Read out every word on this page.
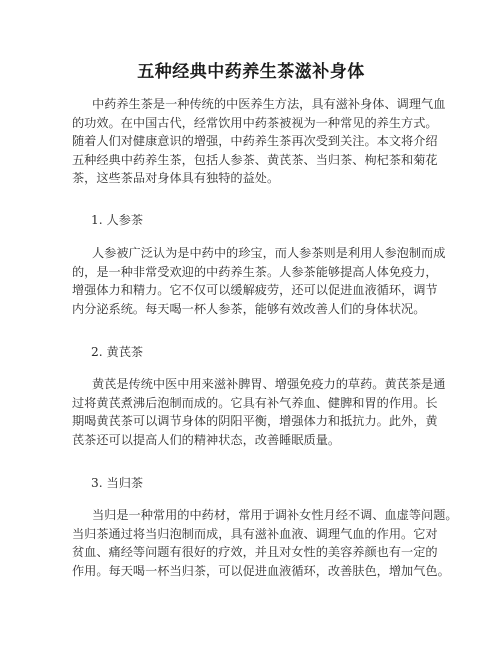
五种经典中药养生茶滋补身体

中药养生茶是一种传统的中医养生方法，具有滋补身体、调理气血
的功效。在中国古代，经常饮用中药茶被视为一种常见的养生方式。
随着人们对健康意识的增强，中药养生茶再次受到关注。本文将介绍
五种经典中药养生茶，包括人参茶、黄芪茶、当归茶、枸杞茶和菊花
茶，这些茶品对身体具有独特的益处。

1. 人参茶

人参被广泛认为是中药中的珍宝，而人参茶则是利用人参泡制而成
的，是一种非常受欢迎的中药养生茶。人参茶能够提高人体免疫力，
增强体力和精力。它不仅可以缓解疲劳，还可以促进血液循环，调节
内分泌系统。每天喝一杯人参茶，能够有效改善人们的身体状况。

2. 黄芪茶

黄芪是传统中医中用来滋补脾胃、增强免疫力的草药。黄芪茶是通
过将黄芪煮沸后泡制而成的。它具有补气养血、健脾和胃的作用。长
期喝黄芪茶可以调节身体的阴阳平衡，增强体力和抵抗力。此外，黄
芪茶还可以提高人们的精神状态，改善睡眠质量。

3. 当归茶

当归是一种常用的中药材，常用于调补女性月经不调、血虚等问题。
当归茶通过将当归泡制而成，具有滋补血液、调理气血的作用。它对
贫血、痛经等问题有很好的疗效，并且对女性的美容养颜也有一定的
作用。每天喝一杯当归茶，可以促进血液循环，改善肤色，增加气色。
